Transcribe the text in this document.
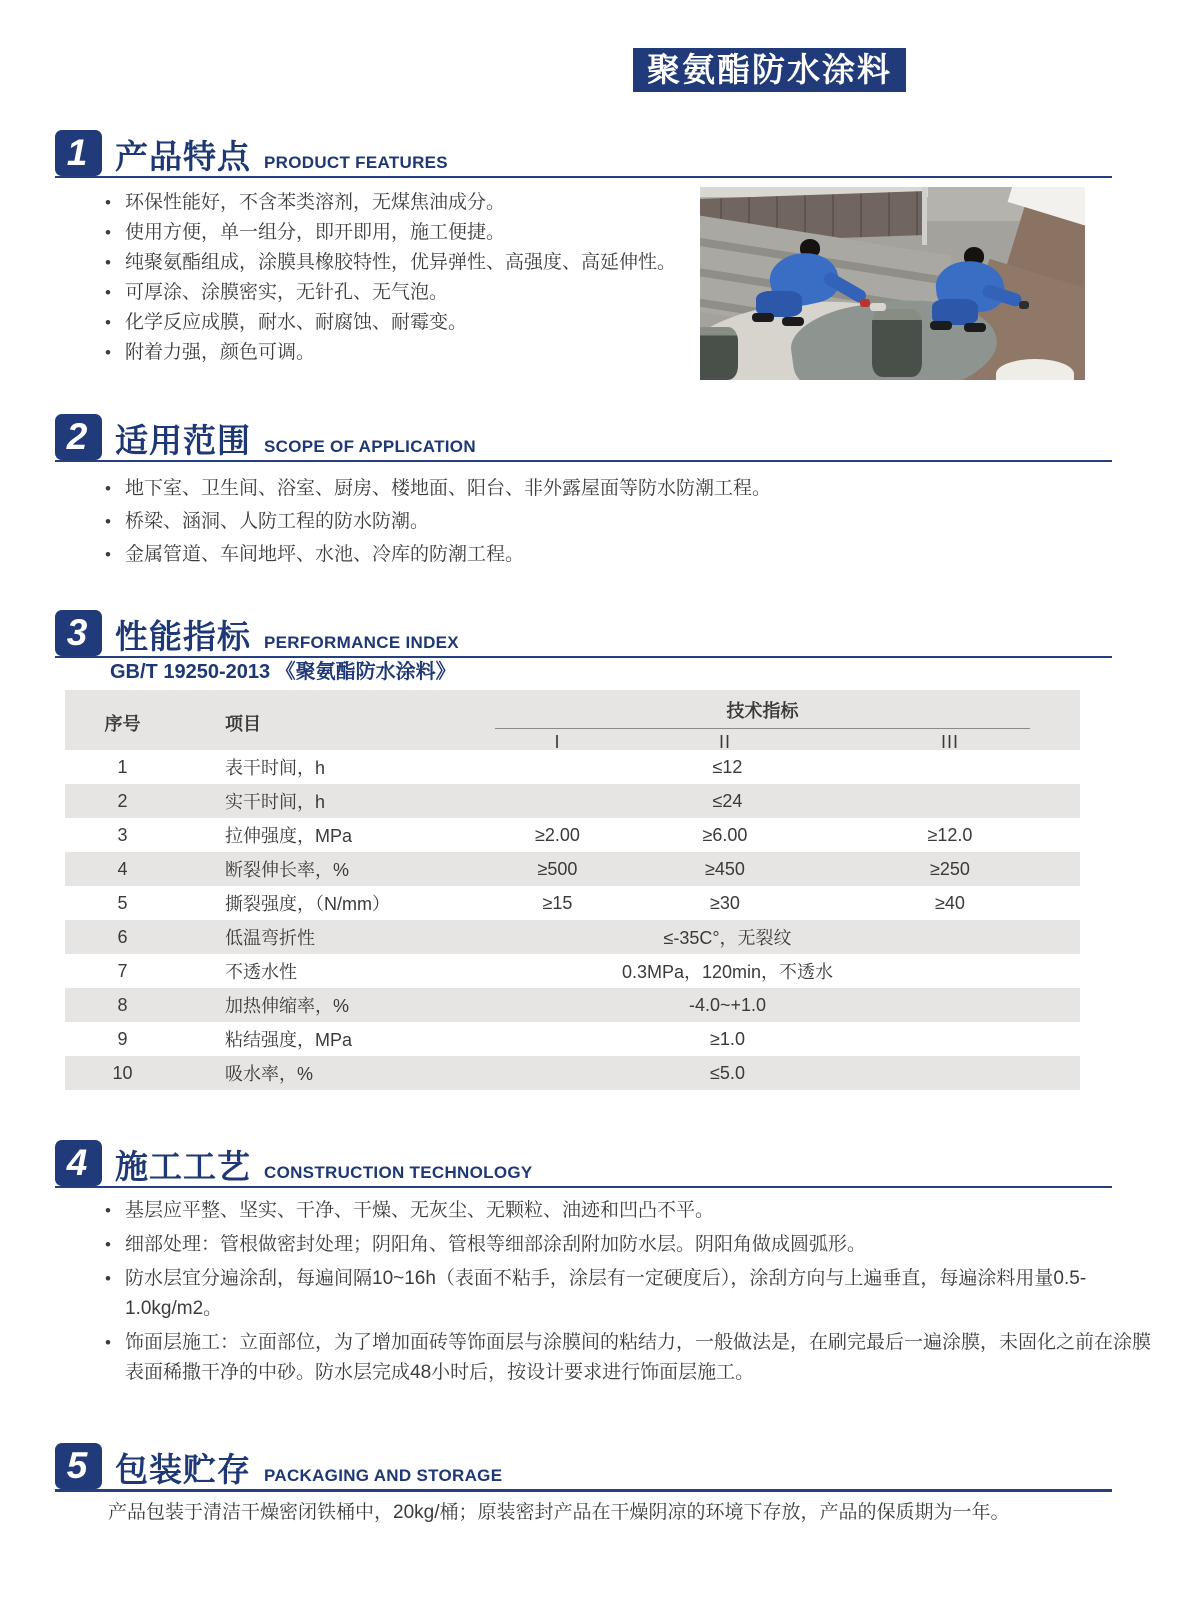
聚氨酯防水涂料
1 产品特点 PRODUCT FEATURES
• 环保性能好，不含苯类溶剂，无煤焦油成分。
• 使用方便，单一组分，即开即用，施工便捷。
• 纯聚氨酯组成，涂膜具橡胶特性，优异弹性、高强度、高延伸性。
• 可厚涂、涂膜密实，无针孔、无气泡。
• 化学反应成膜，耐水、耐腐蚀、耐霉变。
• 附着力强，颜色可调。
2 适用范围 SCOPE OF APPLICATION
• 地下室、卫生间、浴室、厨房、楼地面、阳台、非外露屋面等防水防潮工程。
• 桥梁、涵洞、人防工程的防水防潮。
• 金属管道、车间地坪、水池、冷库的防潮工程。
3 性能指标 PERFORMANCE INDEX
GB/T 19250-2013 《聚氨酯防水涂料》
序号	项目
技术指标
I	II	III
1	表干时间，h	≤12
2	实干时间，h	≤24
3	拉伸强度，MPa	≥2.00	≥6.00	≥12.0
4	断裂伸长率，%	≥500	≥450	≥250
5	撕裂强度，（N/mm）	≥15	≥30	≥40
6	低温弯折性	≤-35C°，无裂纹
7	不透水性	0.3MPa，120min，不透水
8	加热伸缩率，%	-4.0~+1.0
9	粘结强度，MPa	≥1.0
10	吸水率，%	≤5.0
4 施工工艺 CONSTRUCTION TECHNOLOGY
• 基层应平整、坚实、干净、干燥、无灰尘、无颗粒、油迹和凹凸不平。
• 细部处理：管根做密封处理；阴阳角、管根等细部涂刮附加防水层。阴阳角做成圆弧形。
• 防水层宜分遍涂刮，每遍间隔10~16h（表面不粘手，涂层有一定硬度后），涂刮方向与上遍垂直，每遍涂料用量0.5-1.0kg/m2。
• 饰面层施工：立面部位，为了增加面砖等饰面层与涂膜间的粘结力，一般做法是，在刷完最后一遍涂膜，未固化之前在涂膜表面稀撒干净的中砂。防水层完成48小时后，按设计要求进行饰面层施工。
5 包装贮存 PACKAGING AND STORAGE
产品包装于清洁干燥密闭铁桶中，20kg/桶；原装密封产品在干燥阴凉的环境下存放，产品的保质期为一年。
